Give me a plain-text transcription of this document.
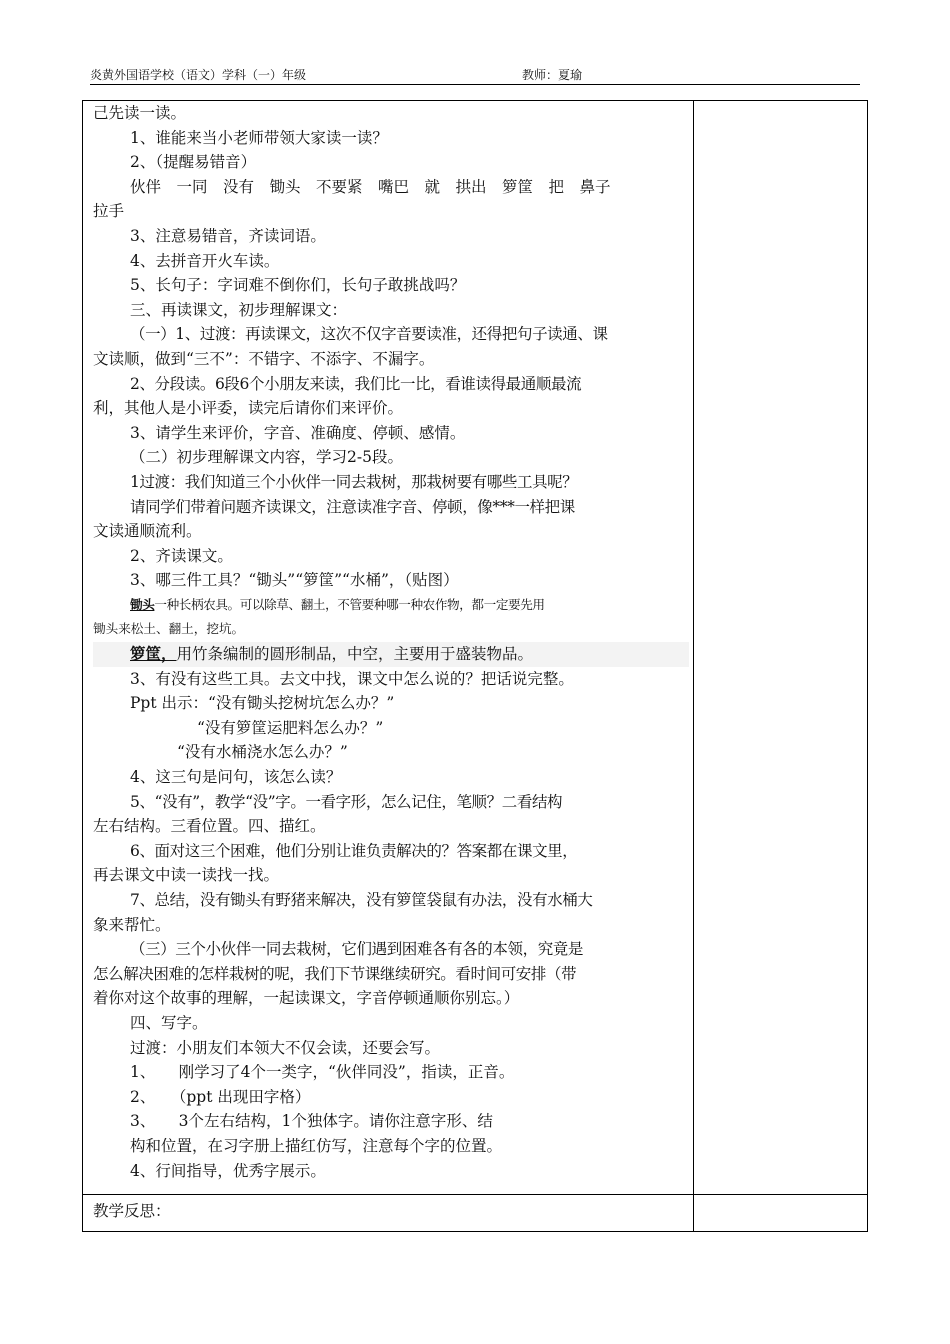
炎黄外国语学校（语文）学科（一）年级	教师：夏瑜

己先读一读。

1、谁能来当小老师带领大家读一读？

2、（提醒易错音）

伙伴　一同　没有　锄头　不要紧　嘴巴　就　拱出　箩筐　把　鼻子

拉手

3、注意易错音，齐读词语。

4、去拼音开火车读。

5、长句子：字词难不倒你们，长句子敢挑战吗？

三、再读课文，初步理解课文：

（一）1、过渡：再读课文，这次不仅字音要读准，还得把句子读通、课

文读顺，做到“三不”：不错字、不添字、不漏字。

2、分段读。6段6个小朋友来读，我们比一比，看谁读得最通顺最流

利，其他人是小评委，读完后请你们来评价。

3、请学生来评价，字音、准确度、停顿、感情。

（二）初步理解课文内容，学习2-5段。

1过渡：我们知道三个小伙伴一同去栽树，那栽树要有哪些工具呢？

请同学们带着问题齐读课文，注意读准字音、停顿，像***一样把课

文读通顺流利。

2、齐读课文。

3、哪三件工具？“锄头”“箩筐”“水桶”，（贴图）

锄头一种长柄农具。可以除草、翻土，不管要种哪一种农作物，都一定要先用

锄头来松土、翻土，挖坑。

箩筐，用竹条编制的圆形制品，中空，主要用于盛装物品。

3、有没有这些工具。去文中找，课文中怎么说的？把话说完整。

Ppt 出示：“没有锄头挖树坑怎么办？”

“没有箩筐运肥料怎么办？”

“没有水桶浇水怎么办？”

4、这三句是问句，该怎么读？

5、“没有”，教学“没”字。一看字形，怎么记住，笔顺？二看结构

左右结构。三看位置。四、描红。

6、面对这三个困难，他们分别让谁负责解决的？答案都在课文里，

再去课文中读一读找一找。

7、总结，没有锄头有野猪来解决，没有箩筐袋鼠有办法，没有水桶大

象来帮忙。

（三）三个小伙伴一同去栽树，它们遇到困难各有各的本领，究竟是

怎么解决困难的怎样栽树的呢，我们下节课继续研究。看时间可安排（带

着你对这个故事的理解，一起读课文，字音停顿通顺你别忘。）

四、写字。

过渡：小朋友们本领大不仅会读，还要会写。

1、　　刚学习了4个一类字，“伙伴同没”，指读，正音。

2、　　（ppt 出现田字格）

3、　　3个左右结构，1个独体字。请你注意字形、结

构和位置，在习字册上描红仿写，注意每个字的位置。

4、行间指导，优秀字展示。

教学反思：
